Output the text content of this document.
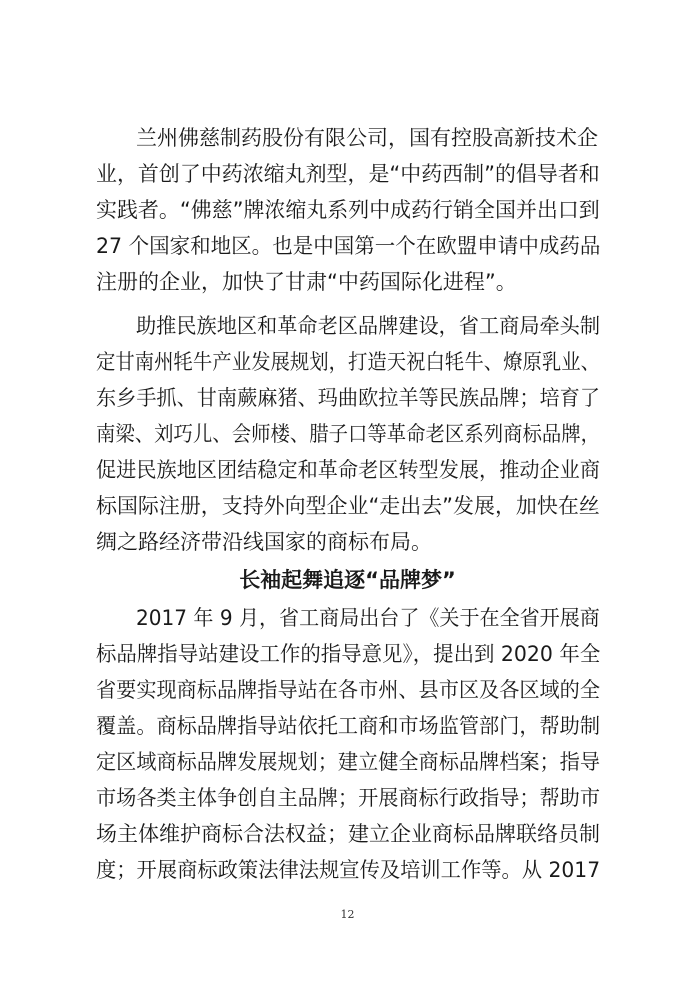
兰州佛慈制药股份有限公司，国有控股高新技术企
业，首创了中药浓缩丸剂型，是“中药西制”的倡导者和
实践者。“佛慈”牌浓缩丸系列中成药行销全国并出口到
27 个国家和地区。也是中国第一个在欧盟申请中成药品
注册的企业，加快了甘肃“中药国际化进程”。
助推民族地区和革命老区品牌建设，省工商局牵头制
定甘南州牦牛产业发展规划，打造天祝白牦牛、燎原乳业、
东乡手抓、甘南蕨麻猪、玛曲欧拉羊等民族品牌；培育了
南梁、刘巧儿、会师楼、腊子口等革命老区系列商标品牌，
促进民族地区团结稳定和革命老区转型发展，推动企业商
标国际注册，支持外向型企业“走出去”发展，加快在丝
绸之路经济带沿线国家的商标布局。
长袖起舞追逐“品牌梦”
2017 年 9 月，省工商局出台了《关于在全省开展商
标品牌指导站建设工作的指导意见》，提出到 2020 年全
省要实现商标品牌指导站在各市州、县市区及各区域的全
覆盖。商标品牌指导站依托工商和市场监管部门，帮助制
定区域商标品牌发展规划；建立健全商标品牌档案；指导
市场各类主体争创自主品牌；开展商标行政指导；帮助市
场主体维护商标合法权益；建立企业商标品牌联络员制
度；开展商标政策法律法规宣传及培训工作等。从 2017
12
